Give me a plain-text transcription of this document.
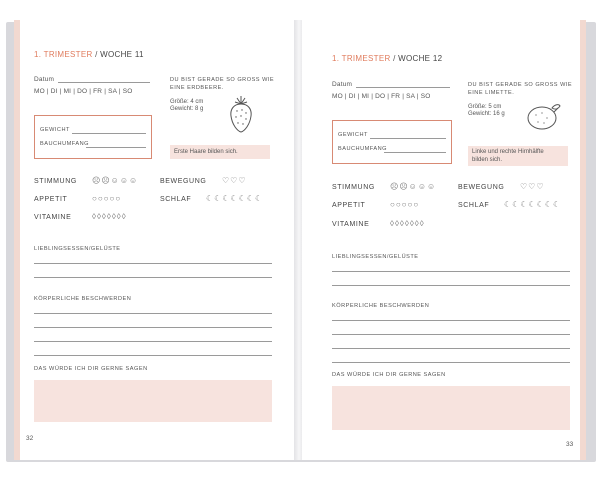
1. TRIMESTER / WOCHE 11
Datum
MO | DI | MI | DO | FR | SA | SO
DU BIST GERADE SO GROSS WIE
EINE ERDBEERE.
Größe: 4 cm
Gewicht: 8 g
GEWICHT
BAUCHUMFANG
Erste Haare bilden sich.
STIMMUNG ☹☹☺☺☺	BEWEGUNG ♡♡♡
APPETIT	○○○○○	SCHLAF ☾☾☾☾☾☾☾
VITAMINE	◊◊◊◊◊◊◊
LIEBLINGSESSEN/GELÜSTE
KÖRPERLICHE BESCHWERDEN
DAS WÜRDE ICH DIR GERNE SAGEN
32
1. TRIMESTER / WOCHE 12
Datum
MO | DI | MI | DO | FR | SA | SO
DU BIST GERADE SO GROSS WIE
EINE LIMETTE.
Größe: 5 cm
Gewicht: 16 g
GEWICHT
BAUCHUMFANG	Linke und rechte Hirnhälfte
bilden sich.
STIMMUNG ☹☹☺☺☺	BEWEGUNG ♡♡♡
APPETIT	○○○○○	SCHLAF ☾☾☾☾☾☾☾
VITAMINE	◊◊◊◊◊◊◊
LIEBLINGSESSEN/GELÜSTE
KÖRPERLICHE BESCHWERDEN
DAS WÜRDE ICH DIR GERNE SAGEN
33
